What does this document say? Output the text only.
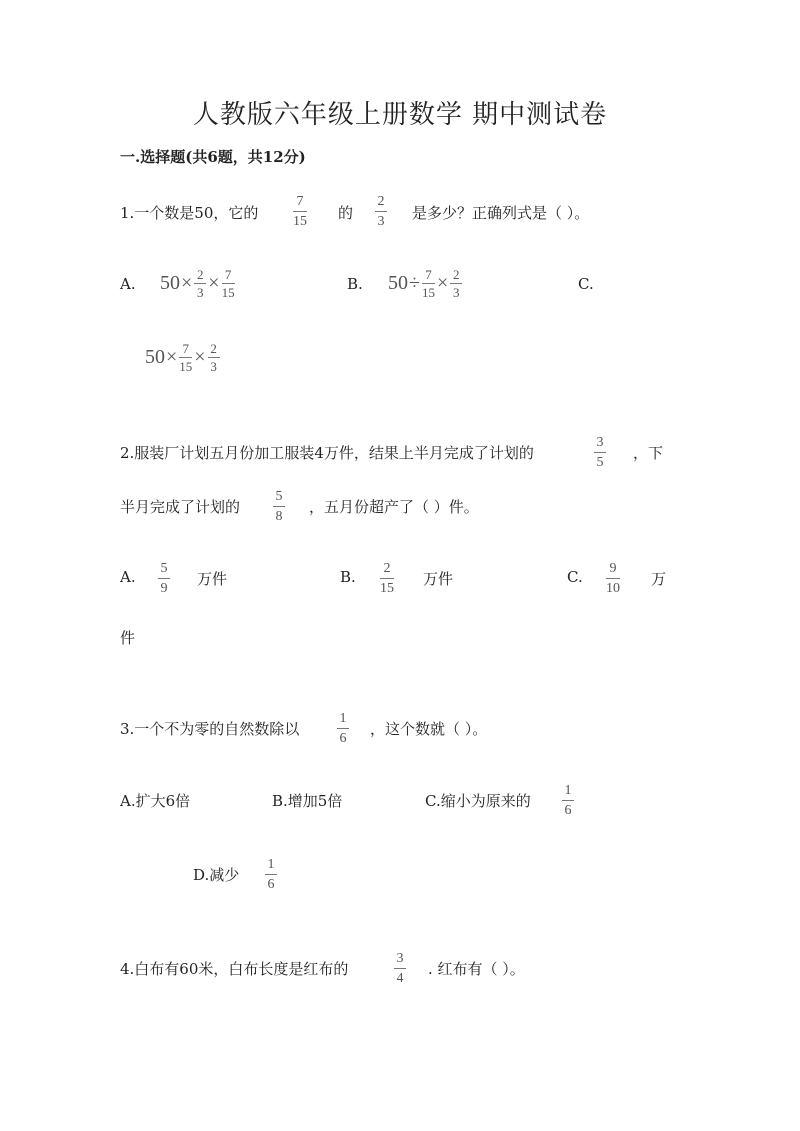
人教版六年级上册数学 期中测试卷
一.选择题(共6题，共12分)
1.一个数是50，它的
7
15 的
2
3 是多少？正确列式是（ ）。
A. $50\times \frac{2}{3} \times \frac{7}{15}$	B. $50\div \frac{7}{15} \times \frac{2}{3}$	C.
$50\times \frac{7}{15} \times \frac{2}{3}$
2.服装厂计划五月份加工服装4万件，结果上半月完成了计划的
3
5
，下
半月完成了计划的
5
8
，五月份超产了（ ）件。
A. 5
9
万件	B. 2
15
万件	C. 9
10
万
件
3.一个不为零的自然数除以
1
6
，这个数就（ ）。
A.扩大6倍	B.增加5倍	C.缩小为原来的
1
6
D.减少
1
6
4.白布有60米，白布长度是红布的
3
4
. 红布有（ ）。
